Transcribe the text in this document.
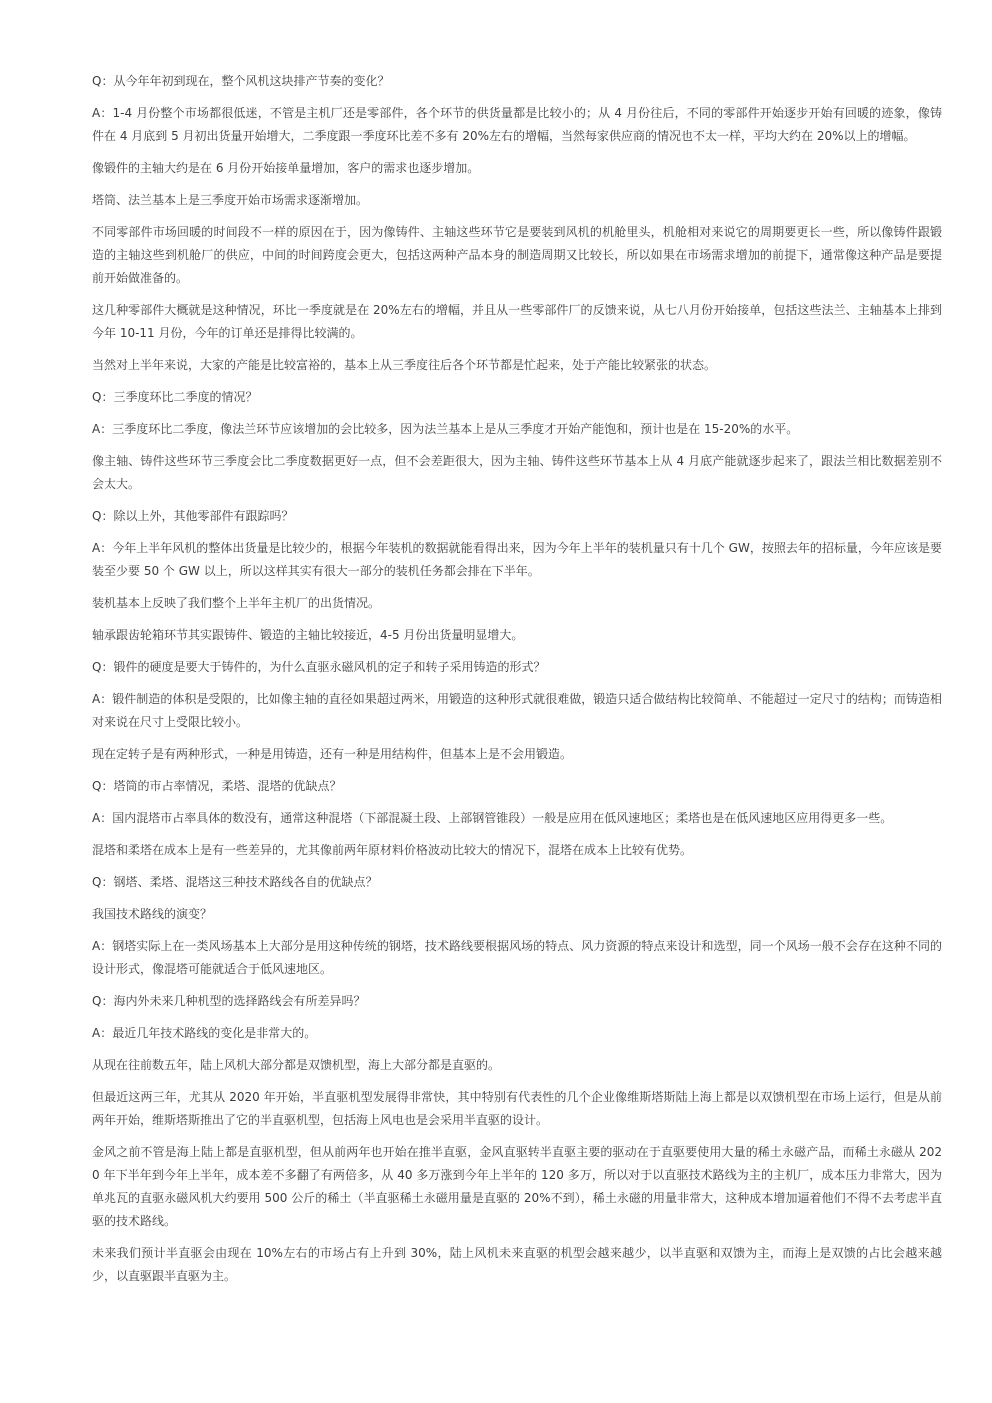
Q：从今年年初到现在，整个风机这块排产节奏的变化？

A：1-4 月份整个市场都很低迷，不管是主机厂还是零部件，各个环节的供货量都是比较小的；从 4 月份往后，不同的零部件开始逐步开始有回暖的迹象，像铸件在 4 月底到 5 月初出货量开始增大，二季度跟一季度环比差不多有 20%左右的增幅，当然每家供应商的情况也不太一样，平均大约在 20%以上的增幅。

像锻件的主轴大约是在 6 月份开始接单量增加，客户的需求也逐步增加。

塔筒、法兰基本上是三季度开始市场需求逐渐增加。

不同零部件市场回暖的时间段不一样的原因在于，因为像铸件、主轴这些环节它是要装到风机的机舱里头，机舱相对来说它的周期要更长一些，所以像铸件跟锻造的主轴这些到机舱厂的供应，中间的时间跨度会更大，包括这两种产品本身的制造周期又比较长，所以如果在市场需求增加的前提下，通常像这种产品是要提前开始做准备的。

这几种零部件大概就是这种情况，环比一季度就是在 20%左右的增幅，并且从一些零部件厂的反馈来说，从七八月份开始接单，包括这些法兰、主轴基本上排到今年 10-11 月份，今年的订单还是排得比较满的。

当然对上半年来说，大家的产能是比较富裕的，基本上从三季度往后各个环节都是忙起来，处于产能比较紧张的状态。

Q：三季度环比二季度的情况？

A：三季度环比二季度，像法兰环节应该增加的会比较多，因为法兰基本上是从三季度才开始产能饱和，预计也是在 15-20%的水平。

像主轴、铸件这些环节三季度会比二季度数据更好一点，但不会差距很大，因为主轴、铸件这些环节基本上从 4 月底产能就逐步起来了，跟法兰相比数据差别不会太大。

Q：除以上外，其他零部件有跟踪吗？

A：今年上半年风机的整体出货量是比较少的，根据今年装机的数据就能看得出来，因为今年上半年的装机量只有十几个 GW，按照去年的招标量，今年应该是要装至少要 50 个 GW 以上，所以这样其实有很大一部分的装机任务都会排在下半年。

装机基本上反映了我们整个上半年主机厂的出货情况。

轴承跟齿轮箱环节其实跟铸件、锻造的主轴比较接近，4-5 月份出货量明显增大。

Q：锻件的硬度是要大于铸件的，为什么直驱永磁风机的定子和转子采用铸造的形式？

A：锻件制造的体积是受限的，比如像主轴的直径如果超过两米，用锻造的这种形式就很难做，锻造只适合做结构比较简单、不能超过一定尺寸的结构；而铸造相对来说在尺寸上受限比较小。

现在定转子是有两种形式，一种是用铸造，还有一种是用结构件，但基本上是不会用锻造。

Q：塔筒的市占率情况，柔塔、混塔的优缺点？

A：国内混塔市占率具体的数没有，通常这种混塔（下部混凝土段、上部钢管锥段）一般是应用在低风速地区；柔塔也是在低风速地区应用得更多一些。

混塔和柔塔在成本上是有一些差异的，尤其像前两年原材料价格波动比较大的情况下，混塔在成本上比较有优势。

Q：钢塔、柔塔、混塔这三种技术路线各自的优缺点？

我国技术路线的演变？

A：钢塔实际上在一类风场基本上大部分是用这种传统的钢塔，技术路线要根据风场的特点、风力资源的特点来设计和选型，同一个风场一般不会存在这种不同的设计形式，像混塔可能就适合于低风速地区。

Q：海内外未来几种机型的选择路线会有所差异吗？

A：最近几年技术路线的变化是非常大的。

从现在往前数五年，陆上风机大部分都是双馈机型，海上大部分都是直驱的。

但最近这两三年，尤其从 2020 年开始，半直驱机型发展得非常快，其中特别有代表性的几个企业像维斯塔斯陆上海上都是以双馈机型在市场上运行，但是从前两年开始，维斯塔斯推出了它的半直驱机型，包括海上风电也是会采用半直驱的设计。

金风之前不管是海上陆上都是直驱机型，但从前两年也开始在推半直驱，金风直驱转半直驱主要的驱动在于直驱要使用大量的稀土永磁产品，而稀土永磁从 2020 年下半年到今年上半年，成本差不多翻了有两倍多，从 40 多万涨到今年上半年的 120 多万，所以对于以直驱技术路线为主的主机厂，成本压力非常大，因为单兆瓦的直驱永磁风机大约要用 500 公斤的稀土（半直驱稀土永磁用量是直驱的 20%不到），稀土永磁的用量非常大，这种成本增加逼着他们不得不去考虑半直驱的技术路线。

未来我们预计半直驱会由现在 10%左右的市场占有上升到 30%，陆上风机未来直驱的机型会越来越少，以半直驱和双馈为主，而海上是双馈的占比会越来越少，以直驱跟半直驱为主。
